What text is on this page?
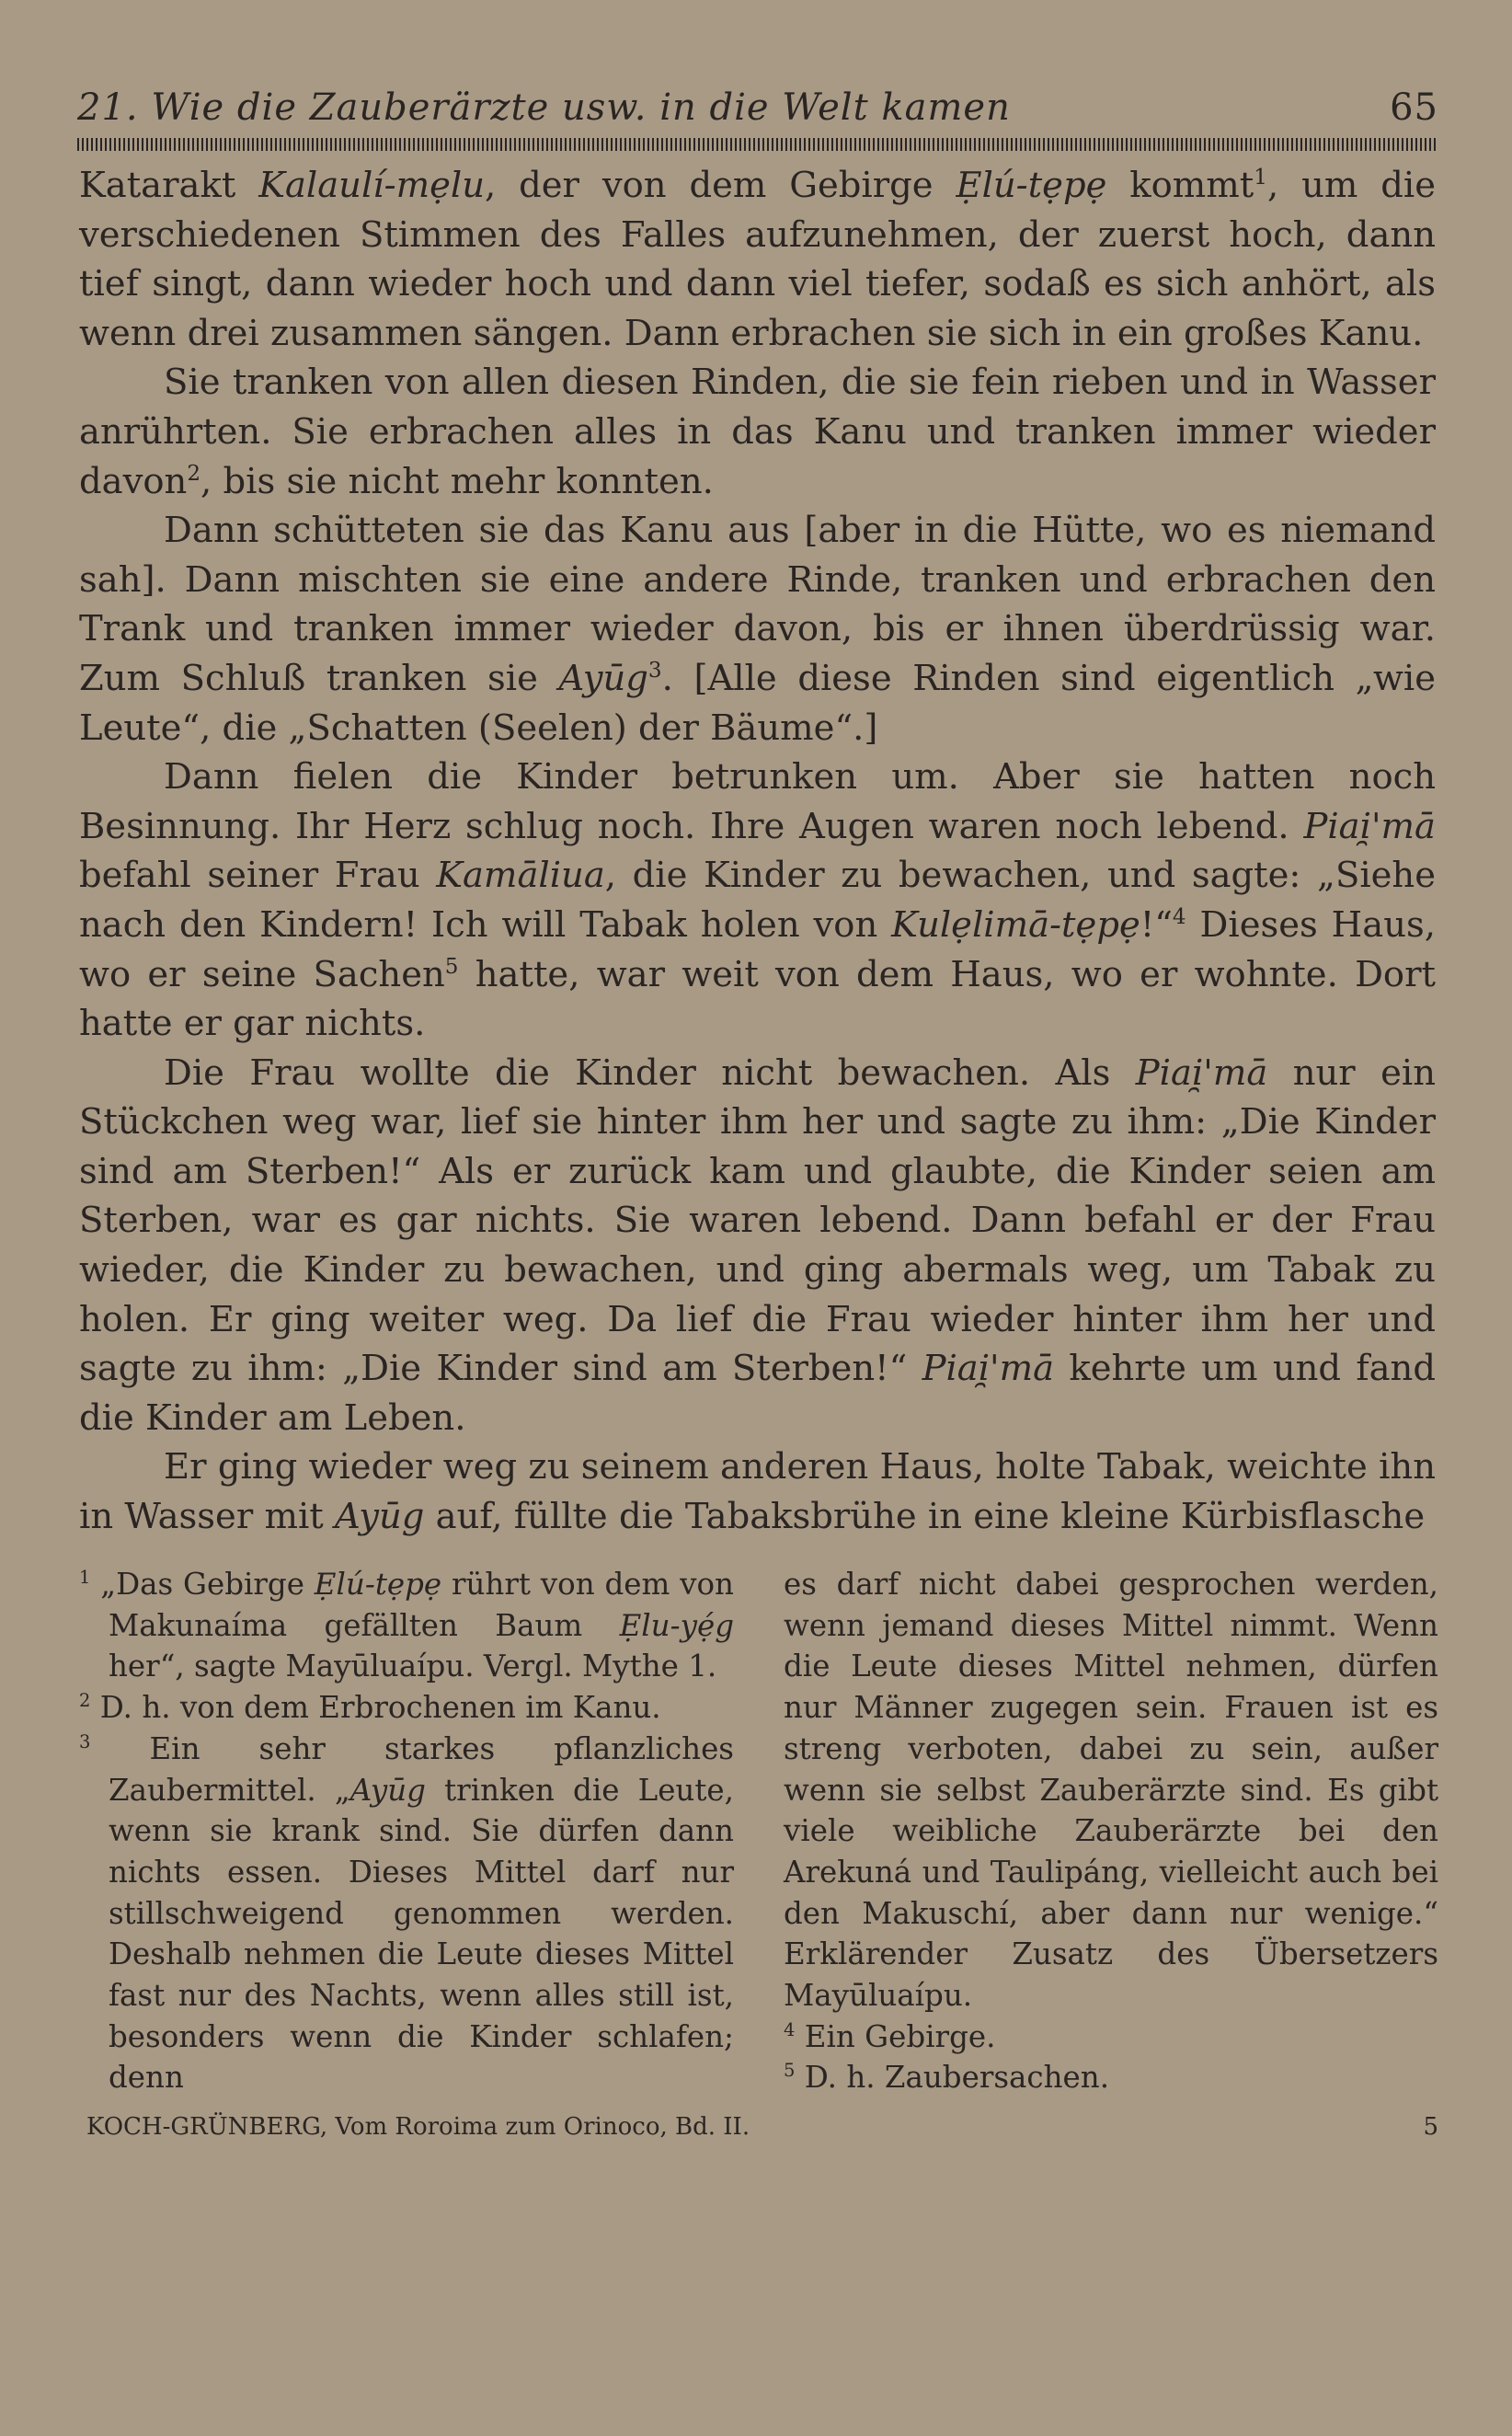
21. Wie die Zauberärzte usw. in die Welt kamen	65

Katarakt Kalaulí-mẹlu, der von dem Gebirge Ẹlú-tẹpẹ kommt$^1$, um die verschiedenen Stimmen des Falles aufzunehmen, der zuerst hoch, dann tief singt, dann wieder hoch und dann viel tiefer, sodaß es sich anhört, als wenn drei zusammen sängen. Dann erbrachen sie sich in ein großes Kanu.

Sie tranken von allen diesen Rinden, die sie fein rieben und in Wasser anrührten. Sie erbrachen alles in das Kanu und tranken immer wieder davon$^2$, bis sie nicht mehr konnten.

Dann schütteten sie das Kanu aus [aber in die Hütte, wo es niemand sah]. Dann mischten sie eine andere Rinde, tranken und erbrachen den Trank und tranken immer wieder davon, bis er ihnen überdrüssig war. Zum Schluß tranken sie Ayūg$^3$. [Alle diese Rinden sind eigentlich „wie Leute“, die „Schatten (Seelen) der Bäume“.]

Dann fielen die Kinder betrunken um. Aber sie hatten noch Besinnung. Ihr Herz schlug noch. Ihre Augen waren noch lebend. Piai̯'mā befahl seiner Frau Kamāliua, die Kinder zu bewachen, und sagte: „Siehe nach den Kindern! Ich will Tabak holen von Kulẹlimā-tẹpẹ!“$^4$ Dieses Haus, wo er seine Sachen$^5$ hatte, war weit von dem Haus, wo er wohnte. Dort hatte er gar nichts.

Die Frau wollte die Kinder nicht bewachen. Als Piai̯'mā nur ein Stückchen weg war, lief sie hinter ihm her und sagte zu ihm: „Die Kinder sind am Sterben!“ Als er zurück kam und glaubte, die Kinder seien am Sterben, war es gar nichts. Sie waren lebend. Dann befahl er der Frau wieder, die Kinder zu bewachen, und ging abermals weg, um Tabak zu holen. Er ging weiter weg. Da lief die Frau wieder hinter ihm her und sagte zu ihm: „Die Kinder sind am Sterben!“ Piai̯'mā kehrte um und fand die Kinder am Leben.

Er ging wieder weg zu seinem anderen Haus, holte Tabak, weichte ihn in Wasser mit Ayūg auf, füllte die Tabaksbrühe in eine kleine Kürbisflasche

$^1$ „Das Gebirge Ẹlú-tẹpẹ rührt von dem von Makunaíma gefällten Baum Ẹlu-yẹ́g her“, sagte Mayūluaípu. Vergl. Mythe 1.

$^2$ D. h. von dem Erbrochenen im Kanu.

$^3$ Ein sehr starkes pflanzliches Zaubermittel. „Ayūg trinken die Leute, wenn sie krank sind. Sie dürfen dann nichts essen. Dieses Mittel darf nur stillschweigend genommen werden. Deshalb nehmen die Leute dieses Mittel fast nur des Nachts, wenn alles still ist, besonders wenn die Kinder schlafen; denn

es darf nicht dabei gesprochen werden, wenn jemand dieses Mittel nimmt. Wenn die Leute dieses Mittel nehmen, dürfen nur Männer zugegen sein. Frauen ist es streng verboten, dabei zu sein, außer wenn sie selbst Zauberärzte sind. Es gibt viele weibliche Zauberärzte bei den Arekuná und Taulipáng, vielleicht auch bei den Makuschí, aber dann nur wenige.“ Erklärender Zusatz des Übersetzers Mayūluaípu.

$^4$ Ein Gebirge.

$^5$ D. h. Zaubersachen.

KOCH-GRÜNBERG, Vom Roroima zum Orinoco, Bd. II.	5
